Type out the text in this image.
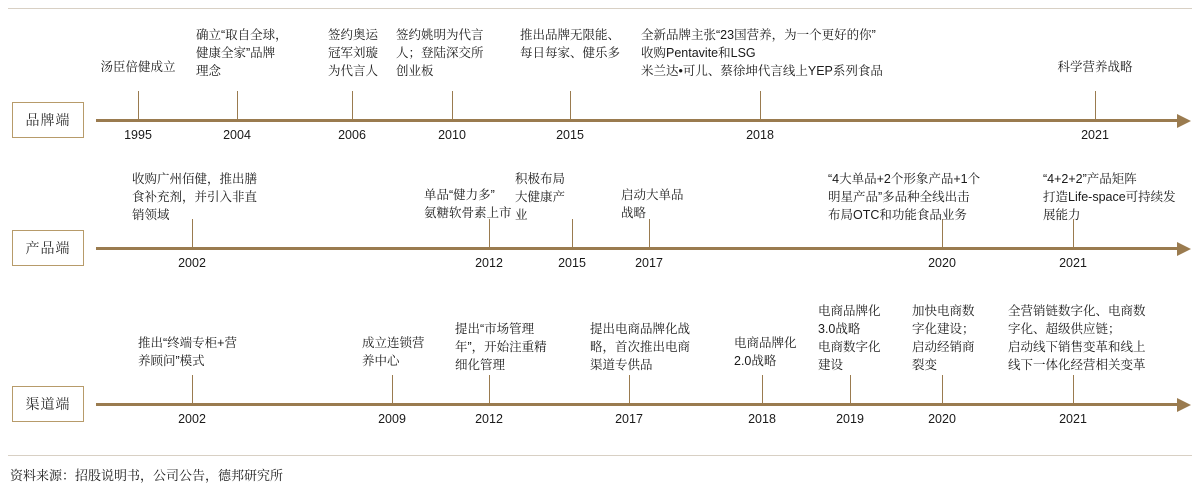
品牌端
1995	2004	2006	2010	2015	2018	2021
汤臣倍健成立
确立“取自全球，
健康全家”品牌
理念
签约奥运
冠军刘璇
为代言人
签约姚明为代言
人；登陆深交所
创业板
推出品牌无限能、
每日每家、健乐多
全新品牌主张“23国营养，为一个更好的你”
收购Pentavite和LSG
米兰达•可儿、蔡徐坤代言线上YEP系列食品	科学营养战略
产品端
2002	2012	2015	2017	2020	2021
收购广州佰健，推出膳
食补充剂，并引入非直
销领域
单品“健力多”
氨糖软骨素上市
积极布局
大健康产
业
启动大单品
战略
“4大单品+2个形象产品+1个
明星产品”多品种全线出击
布局OTC和功能食品业务
“4+2+2”产品矩阵
打造Life-space可持续发
展能力
渠道端
2002	2009	2012	2017	2018	2019	2020	2021
推出“终端专柜+营
养顾问”模式
成立连锁营
养中心
提出“市场管理
年”，开始注重精
细化管理
提出电商品牌化战
略，首次推出电商
渠道专供品
电商品牌化
2.0战略
电商品牌化
3.0战略
电商数字化
建设
加快电商数
字化建设；
启动经销商
裂变
全营销链数字化、电商数
字化、超级供应链；
启动线下销售变革和线上
线下一体化经营相关变革
资料来源：招股说明书，公司公告，德邦研究所
